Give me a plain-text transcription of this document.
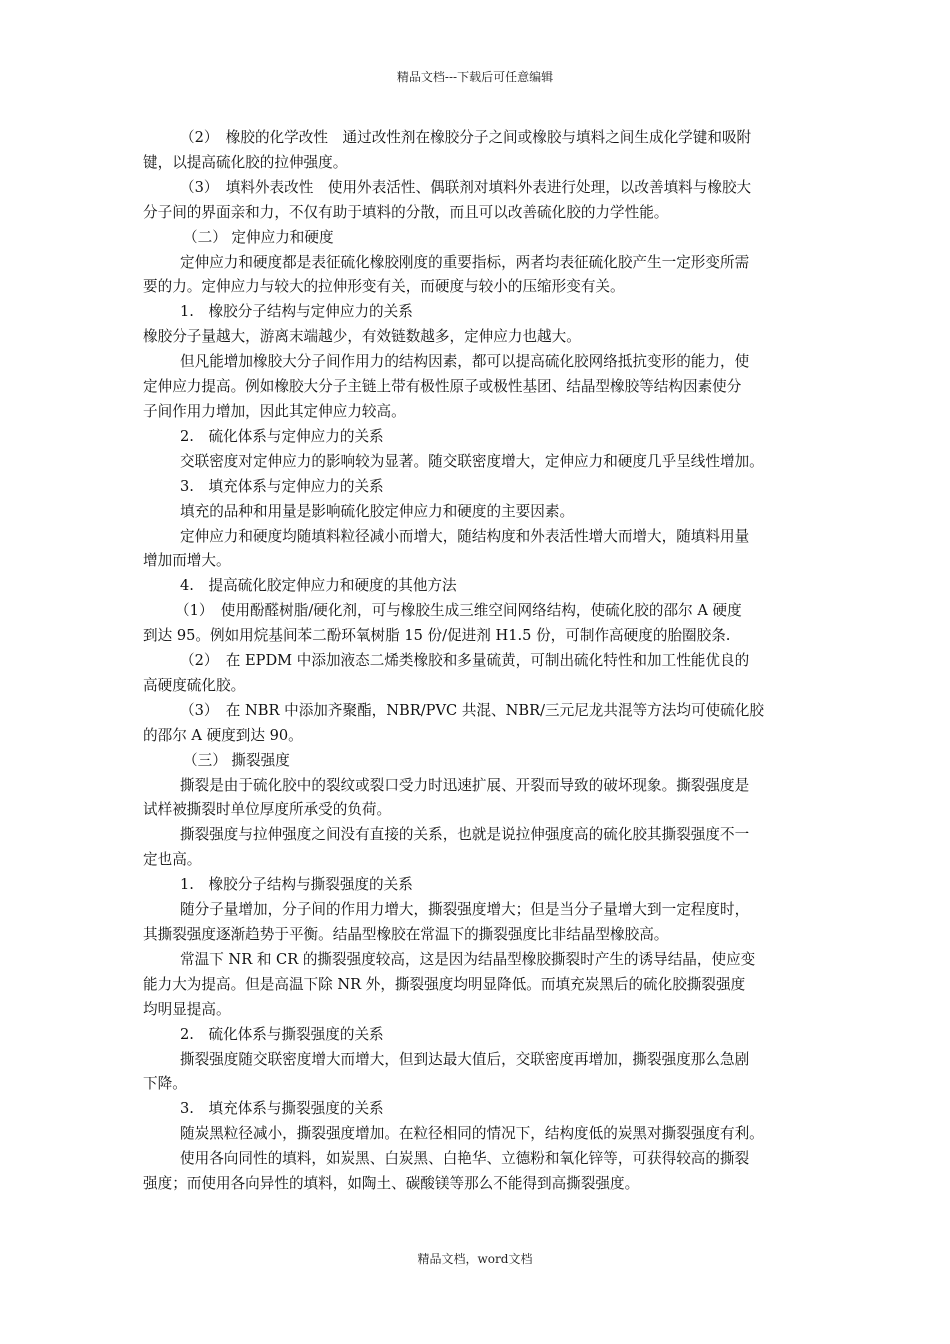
精品文档---下载后可任意编辑

（2）　橡胶的化学改性　通过改性剂在橡胶分子之间或橡胶与填料之间生成化学键和吸附

键，以提高硫化胶的拉伸强度。

（3）　填料外表改性　使用外表活性、偶联剂对填料外表进行处理，以改善填料与橡胶大

分子间的界面亲和力，不仅有助于填料的分散，而且可以改善硫化胶的力学性能。

（二） 定伸应力和硬度

定伸应力和硬度都是表征硫化橡胶刚度的重要指标，两者均表征硫化胶产生一定形变所需

要的力。定伸应力与较大的拉伸形变有关，而硬度与较小的压缩形变有关。

1.　橡胶分子结构与定伸应力的关系

橡胶分子量越大，游离末端越少，有效链数越多，定伸应力也越大。

但凡能增加橡胶大分子间作用力的结构因素，都可以提高硫化胶网络抵抗变形的能力，使

定伸应力提高。例如橡胶大分子主链上带有极性原子或极性基团、结晶型橡胶等结构因素使分

子间作用力增加，因此其定伸应力较高。

2.　硫化体系与定伸应力的关系

交联密度对定伸应力的影响较为显著。随交联密度增大，定伸应力和硬度几乎呈线性增加。

3.　填充体系与定伸应力的关系

填充的品种和用量是影响硫化胶定伸应力和硬度的主要因素。

定伸应力和硬度均随填料粒径减小而增大，随结构度和外表活性增大而增大，随填料用量

增加而增大。

4.　提高硫化胶定伸应力和硬度的其他方法

（1）　使用酚醛树脂/硬化剂，可与橡胶生成三维空间网络结构，使硫化胶的邵尔 A 硬度

到达 95。例如用烷基间苯二酚环氧树脂 15 份/促进剂 H1.5 份，可制作高硬度的胎圈胶条.

（2）　在 EPDM 中添加液态二烯类橡胶和多量硫黄，可制出硫化特性和加工性能优良的

高硬度硫化胶。

（3）　在 NBR 中添加齐聚酯，NBR/PVC 共混、NBR/三元尼龙共混等方法均可使硫化胶

的邵尔 A 硬度到达 90。

（三） 撕裂强度

撕裂是由于硫化胶中的裂纹或裂口受力时迅速扩展、开裂而导致的破坏现象。撕裂强度是

试样被撕裂时单位厚度所承受的负荷。

撕裂强度与拉伸强度之间没有直接的关系，也就是说拉伸强度高的硫化胶其撕裂强度不一

定也高。

1.　橡胶分子结构与撕裂强度的关系

随分子量增加，分子间的作用力增大，撕裂强度增大；但是当分子量增大到一定程度时，

其撕裂强度逐渐趋势于平衡。结晶型橡胶在常温下的撕裂强度比非结晶型橡胶高。

常温下 NR 和 CR 的撕裂强度较高，这是因为结晶型橡胶撕裂时产生的诱导结晶，使应变

能力大为提高。但是高温下除 NR 外，撕裂强度均明显降低。而填充炭黑后的硫化胶撕裂强度

均明显提高。

2.　硫化体系与撕裂强度的关系

撕裂强度随交联密度增大而增大，但到达最大值后，交联密度再增加，撕裂强度那么急剧

下降。

3.　填充体系与撕裂强度的关系

随炭黑粒径减小，撕裂强度增加。在粒径相同的情况下，结构度低的炭黑对撕裂强度有利。

使用各向同性的填料，如炭黑、白炭黑、白艳华、立德粉和氧化锌等，可获得较高的撕裂

强度；而使用各向异性的填料，如陶土、碳酸镁等那么不能得到高撕裂强度。

精品文档，word文档
